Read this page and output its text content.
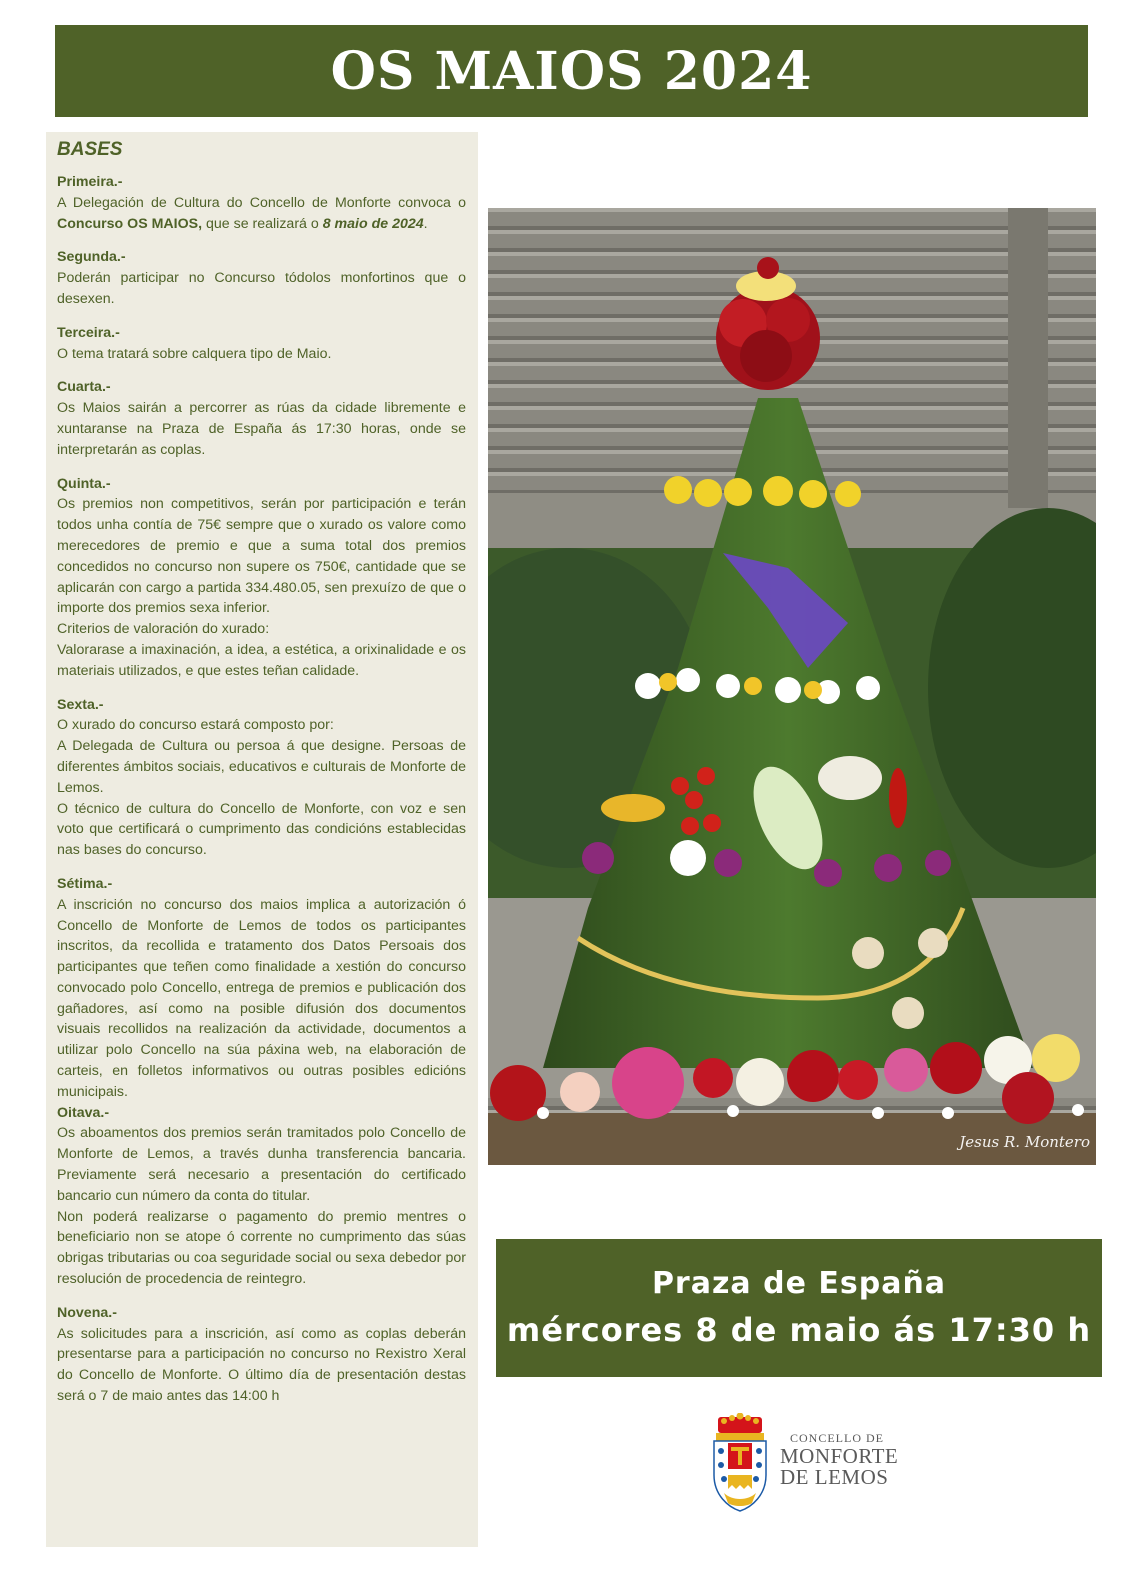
OS MAIOS 2024
BASES
Primeira.-

A Delegación de Cultura do Concello de Monforte convoca o Concurso OS MAIOS, que se realizará o 8 maio de 2024.

Segunda.-

Poderán participar no Concurso tódolos monfortinos que o desexen.

Terceira.-

O tema tratará sobre calquera tipo de Maio.

Cuarta.-

Os Maios sairán a percorrer as rúas da cidade libremente e xuntaranse na Praza de España ás 17:30 horas, onde se interpretarán as coplas.

Quinta.-

Os premios non competitivos, serán por participación e terán todos unha contía de 75€ sempre que o xurado os valore como merecedores de premio e que a suma total dos premios concedidos no concurso non supere os 750€, cantidade que se aplicarán con cargo a partida 334.480.05, sen prexuízo de que o importe dos premios sexa inferior.

Criterios de valoración do xurado:

Valorarase a imaxinación, a idea, a estética, a orixinalidade e os materiais utilizados, e que estes teñan calidade.

Sexta.-

O xurado do concurso estará composto por:

A Delegada de Cultura ou persoa á que designe. Persoas de diferentes ámbitos sociais, educativos e culturais de Monforte de Lemos.

O técnico de cultura do Concello de Monforte, con voz e sen voto que certificará o cumprimento das condicións establecidas nas bases do concurso.

Sétima.-

A inscrición no concurso dos maios implica a autorización ó Concello de Monforte de Lemos de todos os participantes inscritos, da recollida e tratamento dos Datos Persoais dos participantes que teñen como finalidade a xestión do concurso convocado polo Concello, entrega de premios e publicación dos gañadores, así como na posible difusión dos documentos visuais recollidos na realización da actividade, documentos a utilizar polo Concello na súa páxina web, na elaboración de carteis, en folletos informativos ou outras posibles edicións municipais.

Oitava.-

Os aboamentos dos premios serán tramitados polo Concello de Monforte de Lemos, a través dunha transferencia bancaria. Previamente será necesario a presentación do certificado bancario cun número da conta do titular.

Non poderá realizarse o pagamento do premio mentres o beneficiario non se atope ó corrente no cumprimento das súas obrigas tributarias ou coa seguridade social ou sexa debedor por resolución de procedencia de reintegro.

Novena.-

As solicitudes para a inscrición, así como as coplas deberán presentarse para a participación no concurso no Rexistro Xeral do Concello de Monforte. O último día de presentación destas será o 7 de maio antes das 14:00 h

Jesus R. Montero
Praza de España
mércores 8 de maio ás 17:30 h
CONCELLO DE
MONFORTE
DE LEMOS
